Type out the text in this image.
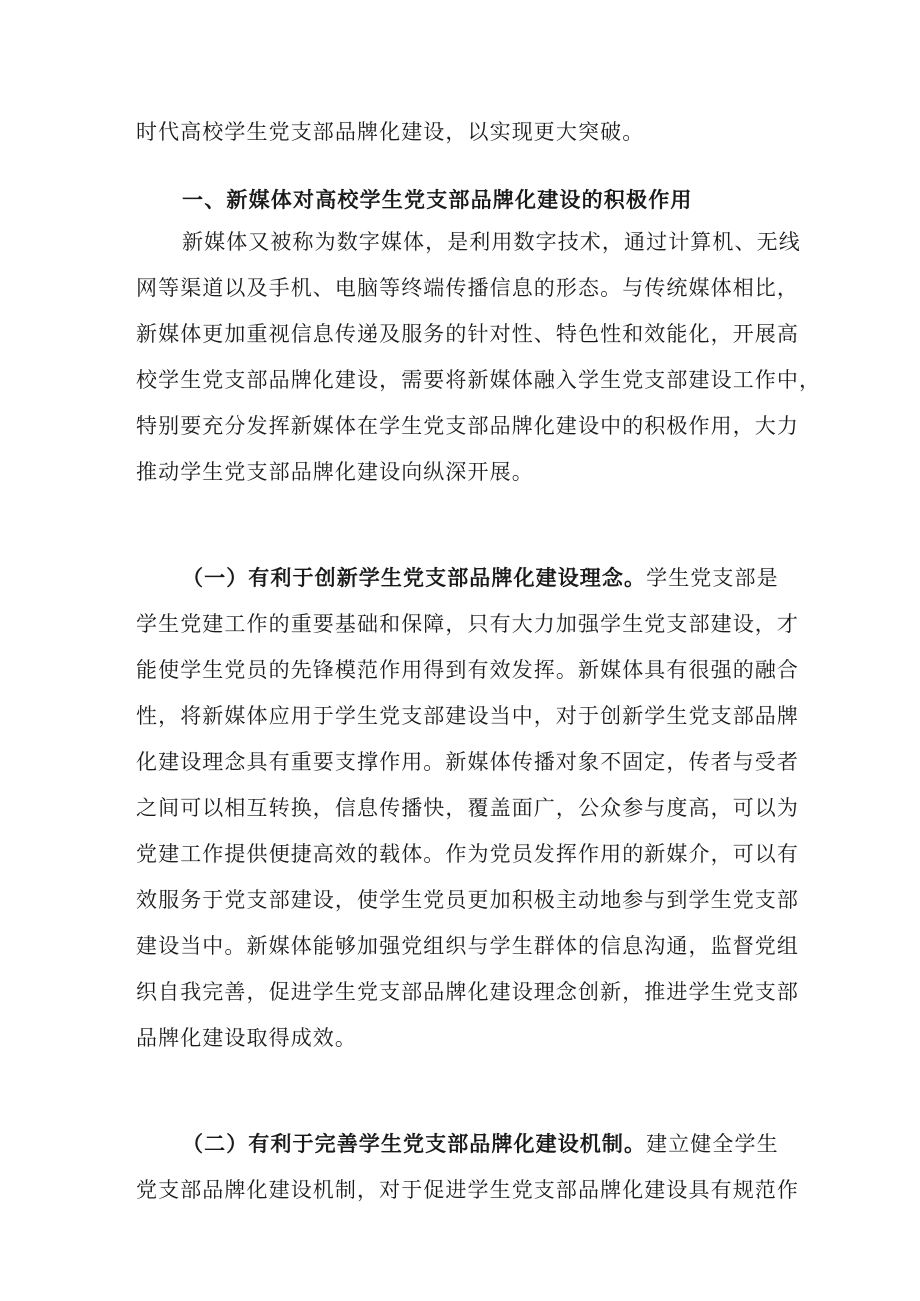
时代高校学生党支部品牌化建设，以实现更大突破。
一、新媒体对高校学生党支部品牌化建设的积极作用
新媒体又被称为数字媒体，是利用数字技术，通过计算机、无线
网等渠道以及手机、电脑等终端传播信息的形态。与传统媒体相比，
新媒体更加重视信息传递及服务的针对性、特色性和效能化，开展高
校学生党支部品牌化建设，需要将新媒体融入学生党支部建设工作中，
特别要充分发挥新媒体在学生党支部品牌化建设中的积极作用，大力
推动学生党支部品牌化建设向纵深开展。
（一）有利于创新学生党支部品牌化建设理念。学生党支部是
学生党建工作的重要基础和保障，只有大力加强学生党支部建设，才
能使学生党员的先锋模范作用得到有效发挥。新媒体具有很强的融合
性，将新媒体应用于学生党支部建设当中，对于创新学生党支部品牌
化建设理念具有重要支撑作用。新媒体传播对象不固定，传者与受者
之间可以相互转换，信息传播快，覆盖面广，公众参与度高，可以为
党建工作提供便捷高效的载体。作为党员发挥作用的新媒介，可以有
效服务于党支部建设，使学生党员更加积极主动地参与到学生党支部
建设当中。新媒体能够加强党组织与学生群体的信息沟通，监督党组
织自我完善，促进学生党支部品牌化建设理念创新，推进学生党支部
品牌化建设取得成效。
（二）有利于完善学生党支部品牌化建设机制。建立健全学生
党支部品牌化建设机制，对于促进学生党支部品牌化建设具有规范作
